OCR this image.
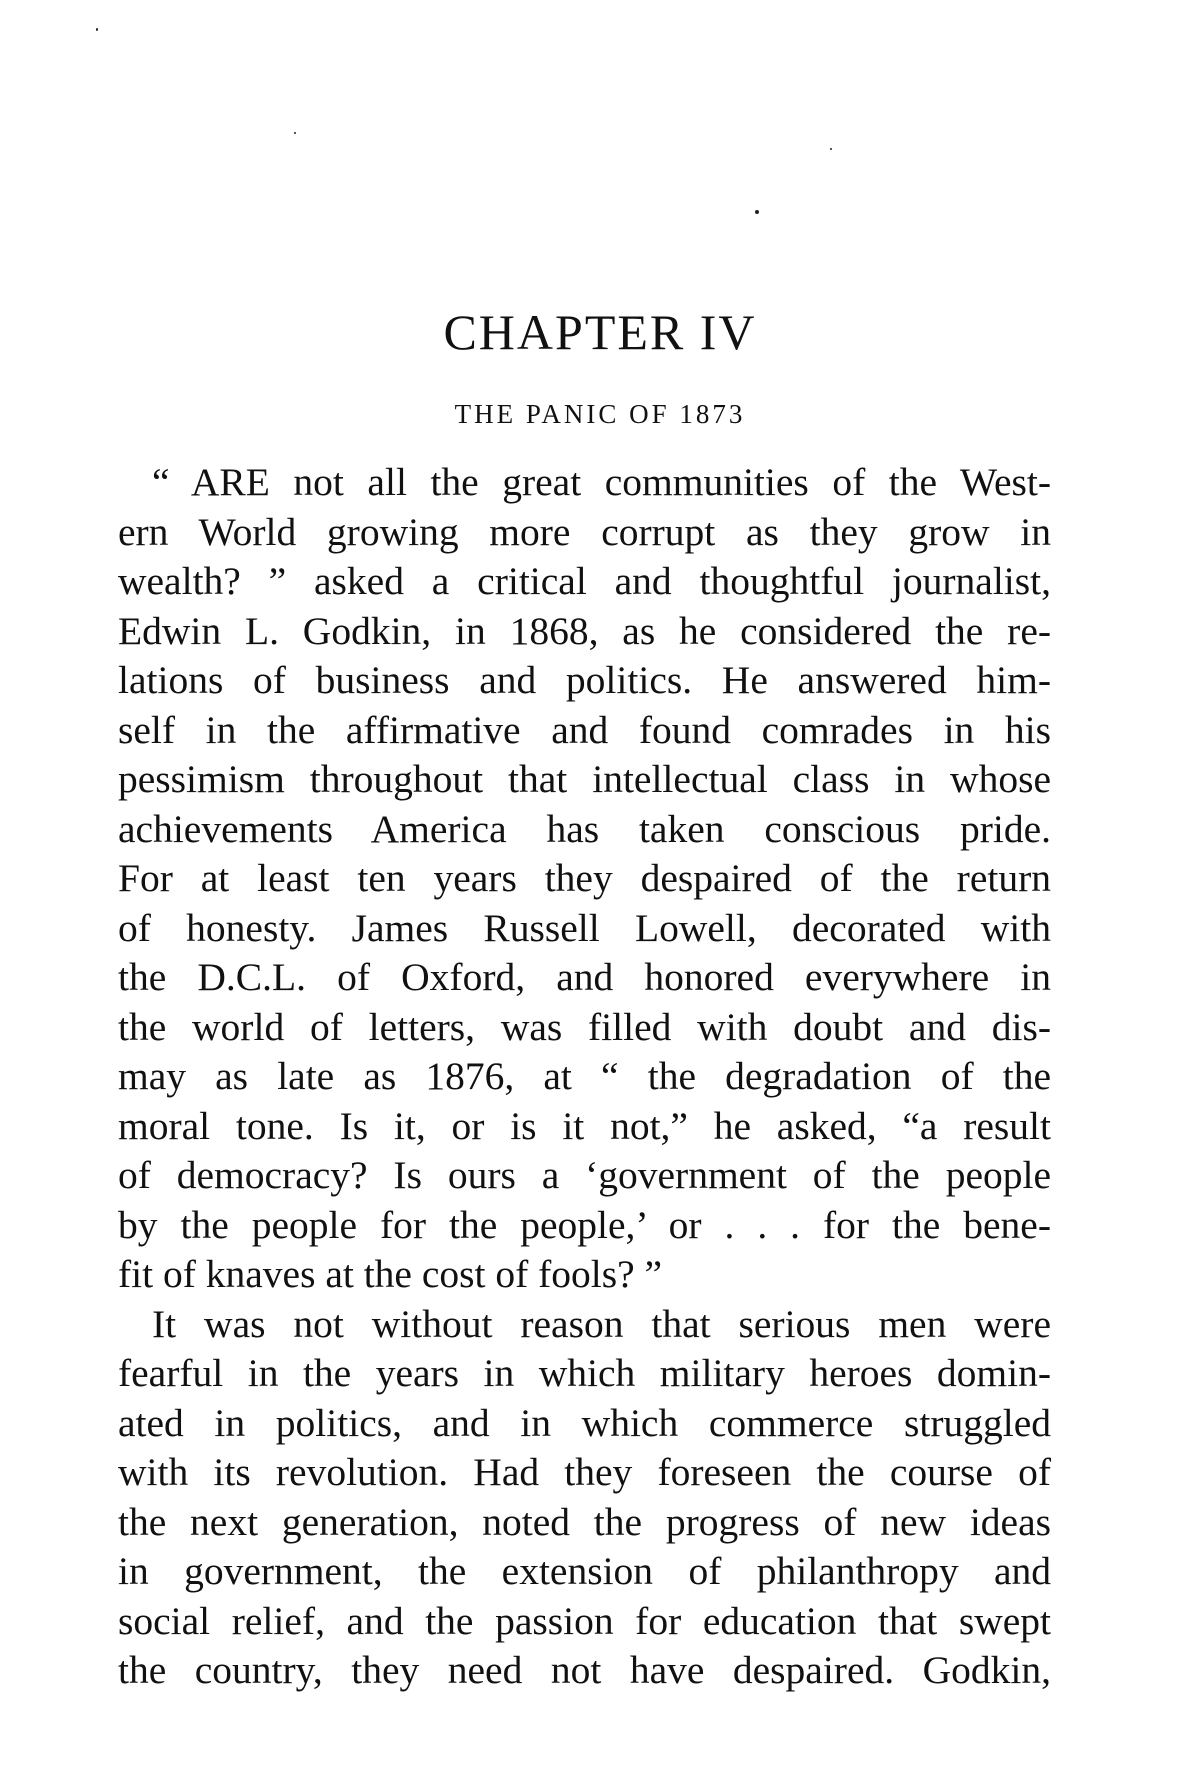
CHAPTER IV
THE PANIC OF 1873
“ ARE not all the great communities of the West-
ern World growing more corrupt as they grow in
wealth? ” asked a critical and thoughtful journalist,
Edwin L. Godkin, in 1868, as he considered the re-
lations of business and politics. He answered him-
self in the affirmative and found comrades in his
pessimism throughout that intellectual class in whose
achievements America has taken conscious pride.
For at least ten years they despaired of the return
of honesty. James Russell Lowell, decorated with
the D.C.L. of Oxford, and honored everywhere in
the world of letters, was filled with doubt and dis-
may as late as 1876, at “ the degradation of the
moral tone. Is it, or is it not,” he asked, “a result
of democracy? Is ours a ‘government of the people
by the people for the people,’ or . . . for the bene-
fit of knaves at the cost of fools? ”
It was not without reason that serious men were
fearful in the years in which military heroes domin-
ated in politics, and in which commerce struggled
with its revolution. Had they foreseen the course of
the next generation, noted the progress of new ideas
in government, the extension of philanthropy and
social relief, and the passion for education that swept
the country, they need not have despaired. Godkin,
